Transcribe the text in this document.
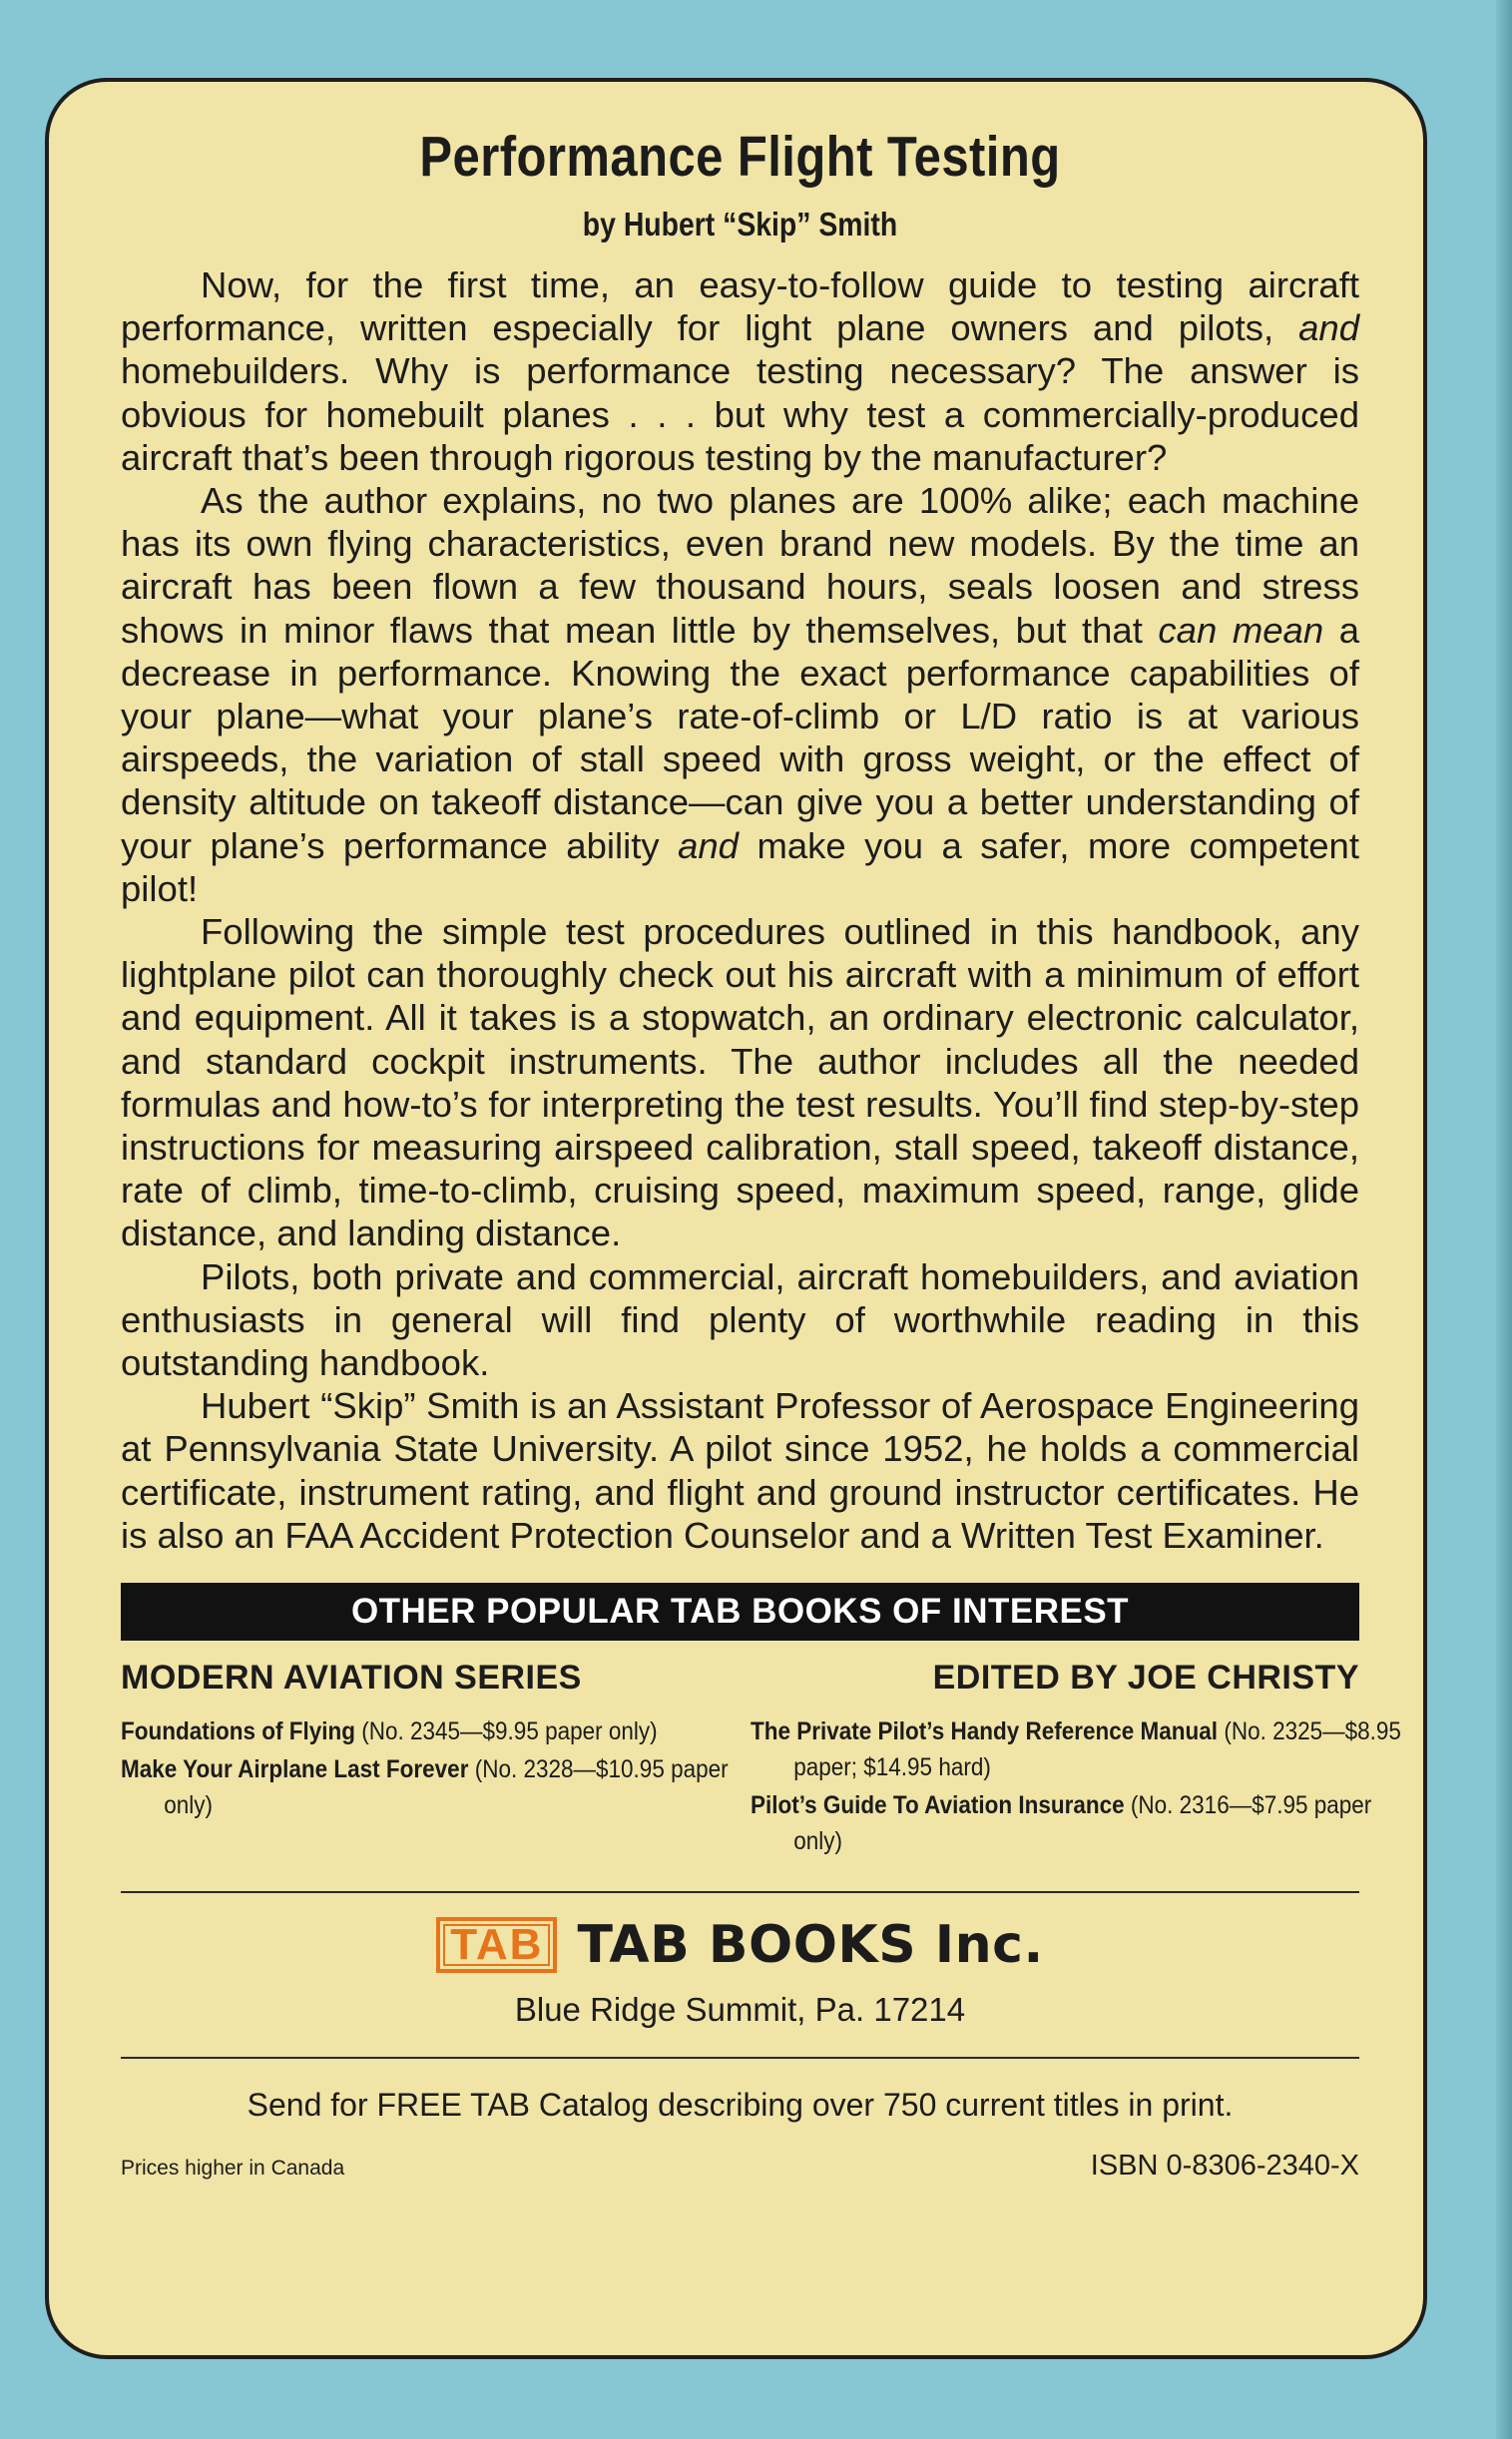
Performance Flight Testing
by Hubert “Skip” Smith

Now, for the first time, an easy-to-follow guide to testing aircraft performance, written especially for light plane owners and pilots, and homebuilders. Why is performance testing necessary? The answer is obvious for homebuilt planes . . . but why test a commercially-produced aircraft that’s been through rigorous testing by the manufacturer?

As the author explains, no two planes are 100% alike; each machine has its own flying characteristics, even brand new models. By the time an aircraft has been flown a few thousand hours, seals loosen and stress shows in minor flaws that mean little by themselves, but that can mean a decrease in performance. Knowing the exact performance capabilities of your plane—what your plane’s rate-of-climb or L/D ratio is at various airspeeds, the variation of stall speed with gross weight, or the effect of density altitude on takeoff distance—can give you a better understanding of your plane’s performance ability and make you a safer, more competent pilot!

Following the simple test procedures outlined in this handbook, any lightplane pilot can thoroughly check out his aircraft with a minimum of effort and equipment. All it takes is a stopwatch, an ordinary electronic calculator, and standard cockpit instruments. The author includes all the needed formulas and how-to’s for interpreting the test results. You’ll find step-by-step instructions for measuring airspeed calibration, stall speed, takeoff distance, rate of climb, time-to-climb, cruising speed, maximum speed, range, glide distance, and landing distance.

Pilots, both private and commercial, aircraft homebuilders, and aviation enthusiasts in general will find plenty of worthwhile reading in this outstanding handbook.

Hubert “Skip” Smith is an Assistant Professor of Aerospace Engineering at Pennsylvania State University. A pilot since 1952, he holds a commercial certificate, instrument rating, and flight and ground instructor certificates. He is also an FAA Accident Protection Counselor and a Written Test Examiner.

OTHER POPULAR TAB BOOKS OF INTEREST
MODERN AVIATION SERIES
Foundations of Flying (No. 2345—$9.95 paper only)
Make Your Airplane Last Forever (No. 2328—$10.95 paper only)
EDITED BY JOE CHRISTY
The Private Pilot’s Handy Reference Manual (No. 2325—$8.95 paper; $14.95 hard)
Pilot’s Guide To Aviation Insurance (No. 2316—$7.95 paper only)
TAB TAB BOOKS Inc.
Blue Ridge Summit, Pa. 17214
Send for FREE TAB Catalog describing over 750 current titles in print.
Prices higher in Canada	ISBN 0-8306-2340-X
